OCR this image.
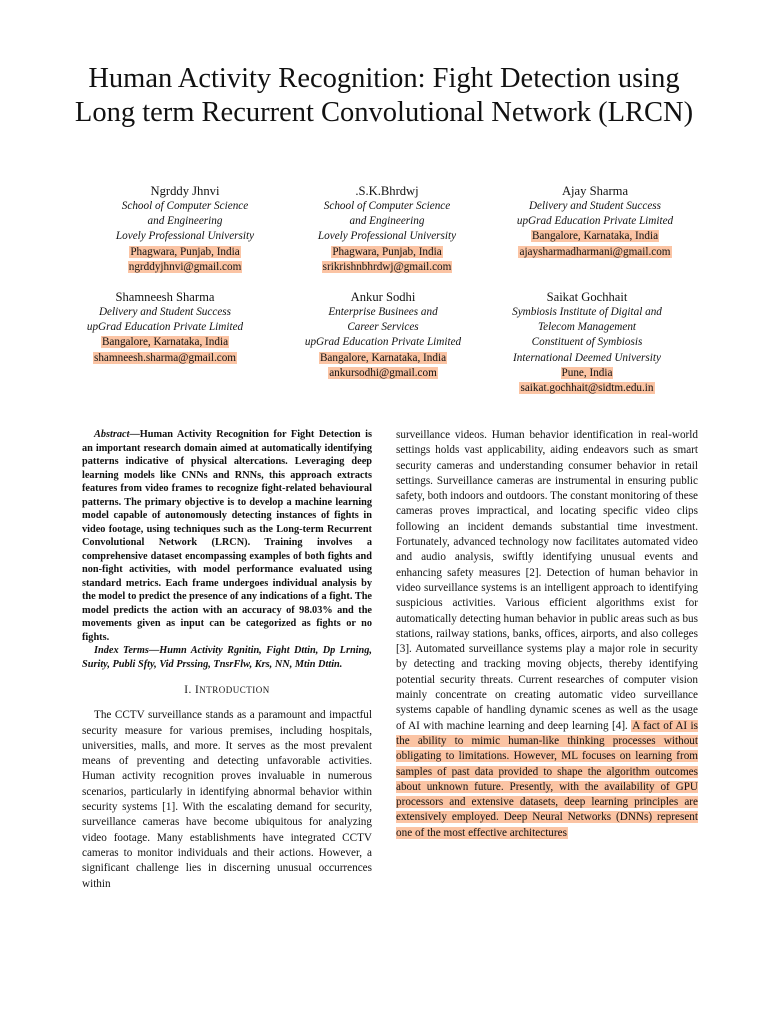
Human Activity Recognition: Fight Detection using Long term Recurrent Convolutional Network (LRCN)
Ngrddy Jhnvi
School of Computer Science
and Engineering
Lovely Professional University
Phagwara, Punjab, India
ngrddyjhnvi@gmail.com
.S.K.Bhrdwj
School of Computer Science
and Engineering
Lovely Professional University
Phagwara, Punjab, India
srikrishnbhrdwj@gmail.com
Ajay Sharma
Delivery and Student Success
upGrad Education Private Limited
Bangalore, Karnataka, India
ajaysharmadharmani@gmail.com
Shamneesh Sharma
Delivery and Student Success
upGrad Education Private Limited
Bangalore, Karnataka, India
shamneesh.sharma@gmail.com
Ankur Sodhi
Enterprise Businees and
Career Services
upGrad Education Private Limited
Bangalore, Karnataka, India
ankursodhi@gmail.com
Saikat Gochhait
Symbiosis Institute of Digital and
Telecom Management
Constituent of Symbiosis
International Deemed University
Pune, India
saikat.gochhait@sidtm.edu.in

Abstract—Human Activity Recognition for Fight Detection is an important research domain aimed at automatically identifying patterns indicative of physical altercations. Leveraging deep learning models like CNNs and RNNs, this approach extracts features from video frames to recognize fight-related behavioural patterns. The primary objective is to develop a machine learning model capable of autonomously detecting instances of fights in video footage, using techniques such as the Long-term Recurrent Convolutional Network (LRCN). Training involves a comprehensive dataset encompassing examples of both fights and non-fight activities, with model performance evaluated using standard metrics. Each frame undergoes individual analysis by the model to predict the presence of any indications of a fight. The model predicts the action with an accuracy of 98.03% and the movements given as input can be categorized as fights or no fights.

Index Terms—Humn Activity Rgnitin, Fight Dttin, Dp Lrning, Surity, Publi Sfty, Vid Prssing, TnsrFlw, Krs, NN, Mtin Dttin.

I. INTRODUCTION

The CCTV surveillance stands as a paramount and impactful security measure for various premises, including hospitals, universities, malls, and more. It serves as the most prevalent means of preventing and detecting unfavorable activities. Human activity recognition proves invaluable in numerous scenarios, particularly in identifying abnormal behavior within security systems [1]. With the escalating demand for security, surveillance cameras have become ubiquitous for analyzing video footage. Many establishments have integrated CCTV cameras to monitor individuals and their actions. However, a significant challenge lies in discerning unusual occurrences within

surveillance videos. Human behavior identification in real-world settings holds vast applicability, aiding endeavors such as smart security cameras and understanding consumer behavior in retail settings. Surveillance cameras are instrumental in ensuring public safety, both indoors and outdoors. The constant monitoring of these cameras proves impractical, and locating specific video clips following an incident demands substantial time investment. Fortunately, advanced technology now facilitates automated video and audio analysis, swiftly identifying unusual events and enhancing safety measures [2]. Detection of human behavior in video surveillance systems is an intelligent approach to identifying suspicious activities. Various efficient algorithms exist for automatically detecting human behavior in public areas such as bus stations, railway stations, banks, offices, airports, and also colleges [3]. Automated surveillance systems play a major role in security by detecting and tracking moving objects, thereby identifying potential security threats. Current researches of computer vision mainly concentrate on creating automatic video surveillance systems capable of handling dynamic scenes as well as the usage of AI with machine learning and deep learning [4]. A fact of AI is the ability to mimic human-like thinking processes without obligating to limitations. However, ML focuses on learning from samples of past data provided to shape the algorithm outcomes about unknown future. Presently, with the availability of GPU processors and extensive datasets, deep learning principles are extensively employed. Deep Neural Networks (DNNs) represent one of the most effective architectures
